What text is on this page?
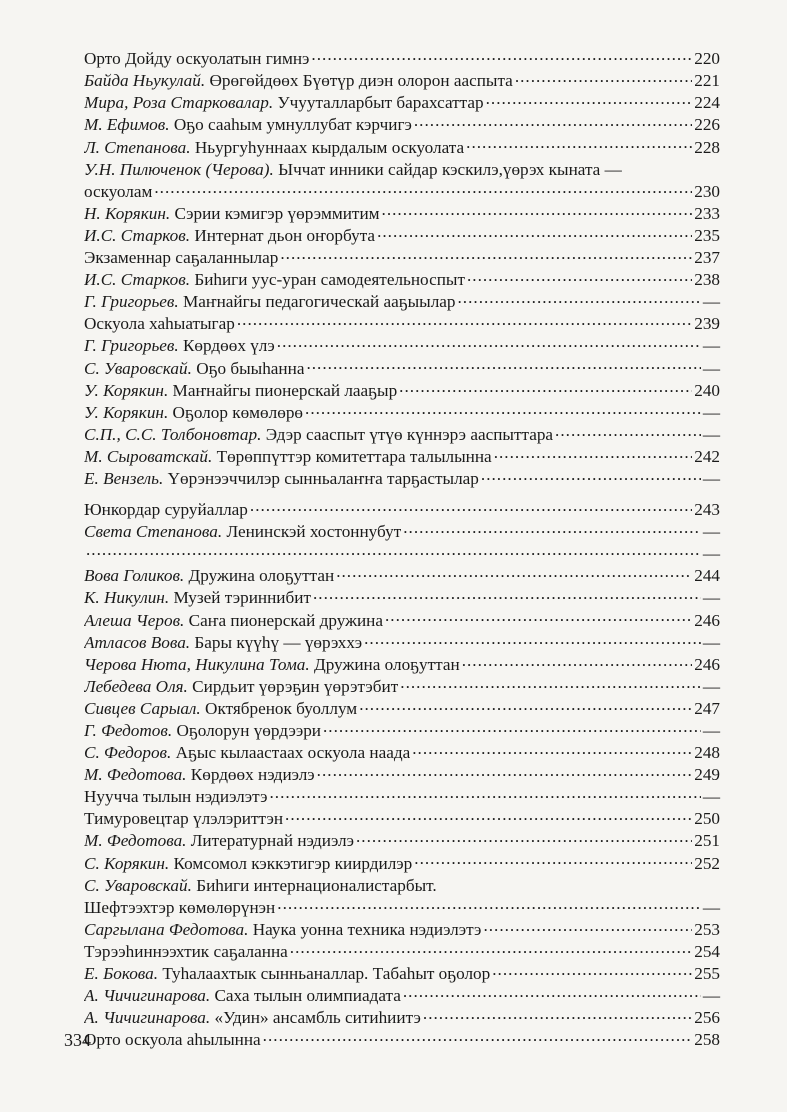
Орто Дойду оскуолатын гимнэ .....	220
Байда Ньукулай. Өрөгөйдөөх Бүөтүр диэн олорон аaспыта .....	221
Мира, Роза Старковалар. Учууталларбыт барахсаттар .....	224
М. Ефимов. Оҕо сааһым умнуллубат кэрчигэ .....	226
Л. Степанова. Ньургуhуннаах кырдалым оскуолата .....	228
У.Н. Пилюченок (Черова). Ыччат инники сайдар кэскилэ,үөрэх кыната —
оскуолам .....	230
Н. Корякин. Сэрии кэмигэр үөрэммитим .....	233
И.С. Старков. Интернат дьон оҥорбута .....	235
Экзаменнар саҕаланнылар .....	237
И.С. Старков. Биhиги уус-уран самодеятельноспыт .....	238
Г. Григорьев. Маҥнайгы педагогическай ааҕыылар .....	—
Оскуола хаhыатыгар .....	239
Г. Григорьев. Көрдөөх үлэ .....	—
С. Уваровскай. Оҕо быыhанна .....	—
У. Корякин. Маҥнайгы пионерскай лааҕыр .....	240
У. Корякин. Оҕолор көмөлөрө .....	—
С.П., С.С. Толбоновтар. Эдэр сааспыт үтүө күннэрэ аaспыттара .....	—
М. Сыроватскай. Төрөппүттэр комитеттара талылынна .....	242
Е. Вензель. Үөрэнээччилэр сынньалаҥҥа тарҕастылар .....	—
Юнкордар суруйаллар .....	243
Света Степанова. Ленинскэй хостоннубут .....	—
.....
—
Вова Голиков. Дружина олоҕуттан .....	244
К. Никулин. Музей тэриннибит .....	—
Алеша Черов. Саҥа пионерскай дружина .....	246
Атласов Вова. Бары күүhү — үөрэххэ .....	—
Черова Нюта, Никулина Тома. Дружина олоҕуттан .....	246
Лебедева Оля. Сирдьит үөрэҕин үөрэтэбит .....	—
Сивцев Сарыал. Октябренок буоллум .....	247
Г. Федотов. Оҕолорун үөрдээри .....	—
С. Федоров. Аҕыс кылаастаах оскуола наада .....	248
М. Федотова. Көрдөөх нэдиэлэ .....	249
Нуучча тылын нэдиэлэтэ .....	—
Тимуровецтар үлэлэриттэн .....	250
М. Федотова. Литературнай нэдиэлэ .....	251
С. Корякин. Комсомол кэккэтигэр киирдилэр .....	252
С. Уваровскай. Биhиги интернационалистарбыт.
Шефтээхтэр көмөлөрүнэн .....	—
Саргылана Федотова. Наука уонна техника нэдиэлэтэ .....	253
Тэрээhиннээхтик саҕаланна .....	254
Е. Бокова. Туhалаахтык сынньаналлар. Табаhыт оҕолор .....	255
А. Чичигинарова. Саха тылын олимпиадата .....	—
А. Чичигинарова. «Удин» ансамбль ситиhиитэ .....	256
Орто оскуола аhылынна .....	258
334
